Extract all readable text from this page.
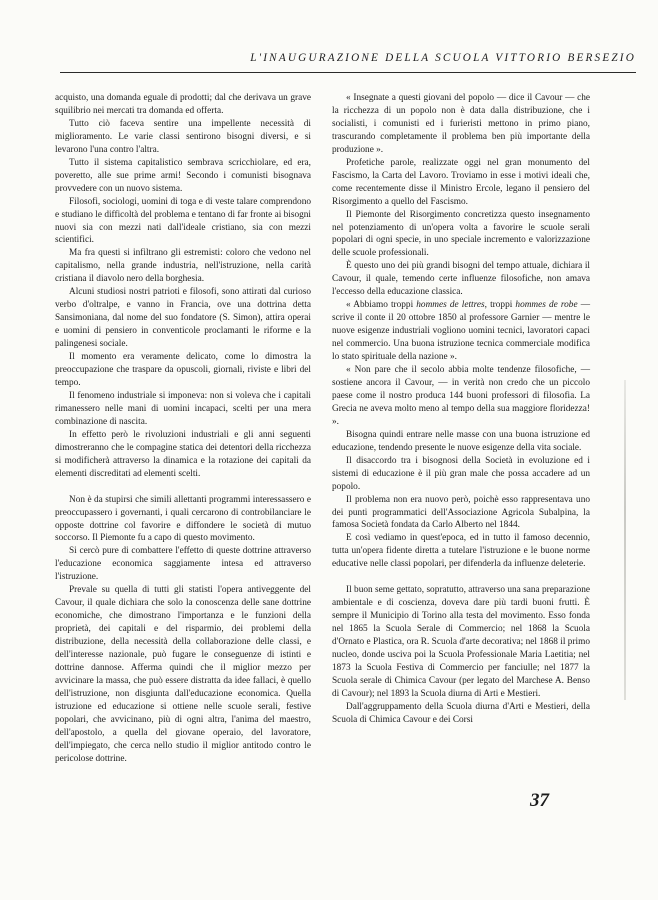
L'INAUGURAZIONE DELLA SCUOLA VITTORIO BERSEZIO

acquisto, una domanda eguale di prodotti; dal che derivava un grave squilibrio nei mercati tra domanda ed offerta.

Tutto ciò faceva sentire una impellente necessità di miglioramento. Le varie classi sentirono bisogni diversi, e si levarono l'una contro l'altra.

Tutto il sistema capitalistico sembrava scricchiolare, ed era, poveretto, alle sue prime armi! Secondo i comunisti bisognava provvedere con un nuovo sistema.

Filosofi, sociologi, uomini di toga e di veste talare comprendono e studiano le difficoltà del problema e tentano di far fronte ai bisogni nuovi sia con mezzi nati dall'ideale cristiano, sia con mezzi scientifici.

Ma fra questi si infiltrano gli estremisti: coloro che vedono nel capitalismo, nella grande industria, nell'istruzione, nella carità cristiana il diavolo nero della borghesia.

Alcuni studiosi nostri patrioti e filosofi, sono attirati dal curioso verbo d'oltralpe, e vanno in Francia, ove una dottrina detta Sansimoniana, dal nome del suo fondatore (S. Simon), attira operai e uomini di pensiero in conventicole proclamanti le riforme e la palingenesi sociale.

Il momento era veramente delicato, come lo dimostra la preoccupazione che traspare da opuscoli, giornali, riviste e libri del tempo.

Il fenomeno industriale si imponeva: non si voleva che i capitali rimanessero nelle mani di uomini incapaci, scelti per una mera combinazione di nascita.

In effetto però le rivoluzioni industriali e gli anni seguenti dimostreranno che le compagine statica dei detentori della ricchezza si modificherà attraverso la dinamica e la rotazione dei capitali da elementi discreditati ad elementi scelti.

Non è da stupirsi che simili allettanti programmi interessassero e preoccupassero i governanti, i quali cercarono di controbilanciare le opposte dottrine col favorire e diffondere le società di mutuo soccorso. Il Piemonte fu a capo di questo movimento.

Si cercò pure di combattere l'effetto di queste dottrine attraverso l'educazione economica saggiamente intesa ed attraverso l'istruzione.

Prevale su quella di tutti gli statisti l'opera antiveggente del Cavour, il quale dichiara che solo la conoscenza delle sane dottrine economiche, che dimostrano l'importanza e le funzioni della proprietà, dei capitali e del risparmio, dei problemi della distribuzione, della necessità della collaborazione delle classi, e dell'interesse nazionale, può fugare le conseguenze di istinti e dottrine dannose. Afferma quindi che il miglior mezzo per avvicinare la massa, che può essere distratta da idee fallaci, è quello dell'istruzione, non disgiunta dall'educazione economica. Quella istruzione ed educazione si ottiene nelle scuole serali, festive popolari, che avvicinano, più di ogni altra, l'anima del maestro, dell'apostolo, a quella del giovane operaio, del lavoratore, dell'impiegato, che cerca nello studio il miglior antitodo contro le pericolose dottrine.

« Insegnate a questi giovani del popolo — dice il Cavour — che la ricchezza di un popolo non è data dalla distribuzione, che i socialisti, i comunisti ed i furieristi mettono in primo piano, trascurando completamente il problema ben più importante della produzione ».

Profetiche parole, realizzate oggi nel gran monumento del Fascismo, la Carta del Lavoro. Troviamo in esse i motivi ideali che, come recentemente disse il Ministro Ercole, legano il pensiero del Risorgimento a quello del Fascismo.

Il Piemonte del Risorgimento concretizza questo insegnamento nel potenziamento di un'opera volta a favorire le scuole serali popolari di ogni specie, in uno speciale incremento e valorizzazione delle scuole professionali.

È questo uno dei più grandi bisogni del tempo attuale, dichiara il Cavour, il quale, temendo certe influenze filosofiche, non amava l'eccesso della educazione classica.

« Abbiamo troppi hommes de lettres, troppi hommes de robe — scrive il conte il 20 ottobre 1850 al professore Garnier — mentre le nuove esigenze industriali vogliono uomini tecnici, lavoratori capaci nel commercio. Una buona istruzione tecnica commerciale modifica lo stato spirituale della nazione ».

« Non pare che il secolo abbia molte tendenze filosofiche, — sostiene ancora il Cavour, — in verità non credo che un piccolo paese come il nostro produca 144 buoni professori di filosofia. La Grecia ne aveva molto meno al tempo della sua maggiore floridezza! ».

Bisogna quindi entrare nelle masse con una buona istruzione ed educazione, tendendo presente le nuove esigenze della vita sociale.

Il disaccordo tra i bisognosi della Società in evoluzione ed i sistemi di educazione è il più gran male che possa accadere ad un popolo.

Il problema non era nuovo però, poichè esso rappresentava uno dei punti programmatici dell'Associazione Agricola Subalpina, la famosa Società fondata da Carlo Alberto nel 1844.

E così vediamo in quest'epoca, ed in tutto il famoso decennio, tutta un'opera fidente diretta a tutelare l'istruzione e le buone norme educative nelle classi popolari, per difenderla da influenze deleterie.

Il buon seme gettato, sopratutto, attraverso una sana preparazione ambientale e di coscienza, doveva dare più tardi buoni frutti. È sempre il Municipio di Torino alla testa del movimento. Esso fonda nel 1865 la Scuola Serale di Commercio; nel 1868 la Scuola d'Ornato e Plastica, ora R. Scuola d'arte decorativa; nel 1868 il primo nucleo, donde usciva poi la Scuola Professionale Maria Laetitia; nel 1873 la Scuola Festiva di Commercio per fanciulle; nel 1877 la Scuola serale di Chimica Cavour (per legato del Marchese A. Benso di Cavour); nel 1893 la Scuola diurna di Arti e Mestieri.

Dall'aggruppamento della Scuola diurna d'Arti e Mestieri, della Scuola di Chimica Cavour e dei Corsi

37
